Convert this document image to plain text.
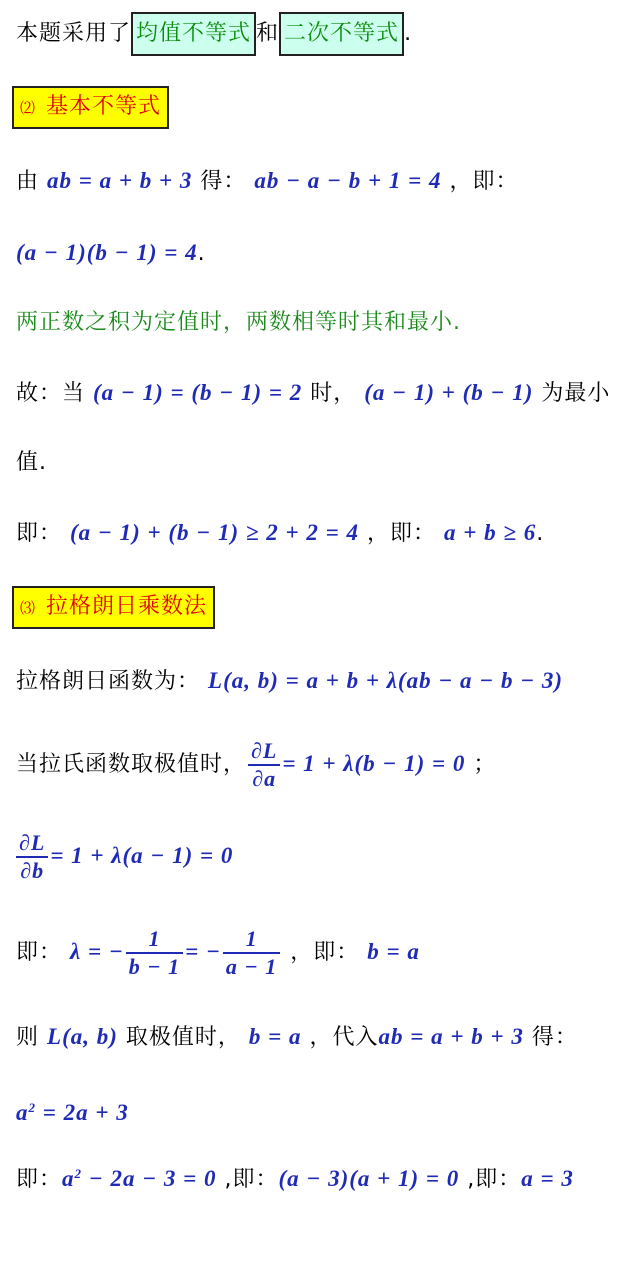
本题采用了 均值不等式 和 二次不等式 .
⑵ 基本不等式
由 ab = a + b + 3 得： ab − a − b + 1 = 4 ，即：
(a − 1)(b − 1) = 4.
两正数之积为定值时，两数相等时其和最小.
故：当 (a − 1) = (b − 1) = 2 时， (a − 1) + (b − 1) 为最小
值.
即： (a − 1) + (b − 1) ≥ 2 + 2 = 4 ，即： a + b ≥ 6.
⑶ 拉格朗日乘数法
拉格朗日函数为： L(a, b) = a + b + λ(ab − a − b − 3)
当拉氏函数取极值时， $\frac{\partial L}{\partial a} = 1 + \lambda(b - 1) = 0$ ；
$\frac{\partial L}{\partial b} = 1 + \lambda(a - 1) = 0$
即： λ = − $\frac{1}{b - 1}$ = − $\frac{1}{a - 1}$ ，即： b = a
则 L(a, b) 取极值时， b = a ，代入ab = a + b + 3 得：
$a^2 = 2a + 3$
即：$a^2 - 2a - 3 = 0$ ,即：(a − 3)(a + 1) = 0 ,即：a = 3
